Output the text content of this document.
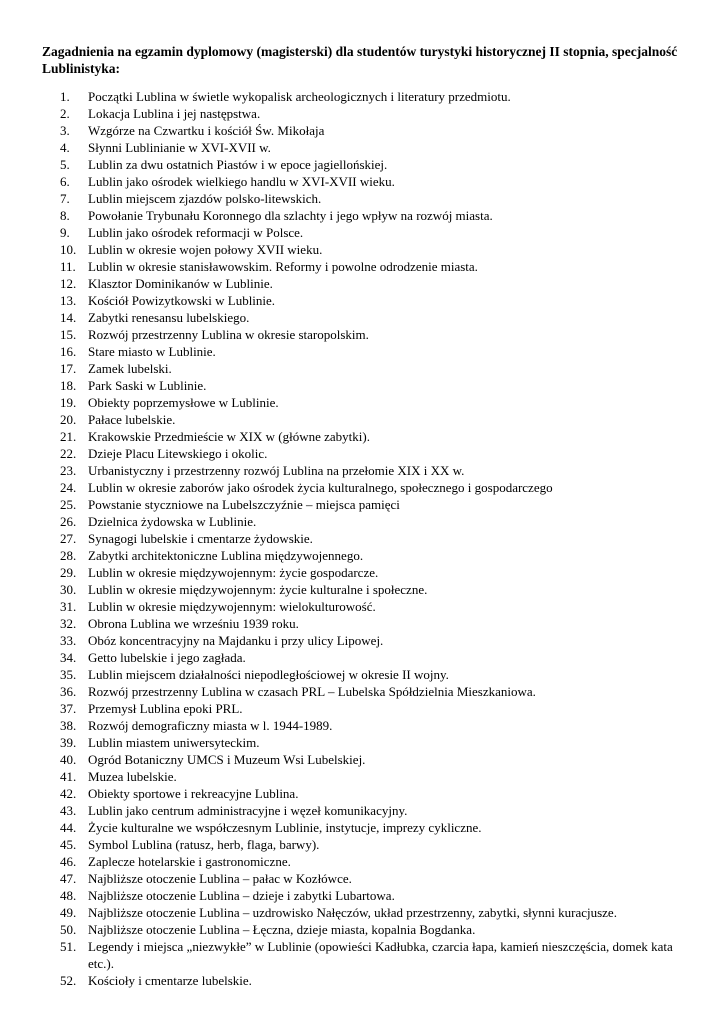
Zagadnienia na egzamin dyplomowy (magisterski) dla studentów turystyki historycznej II stopnia, specjalność Lublinistyka:

1.	Początki Lublina w świetle wykopalisk archeologicznych i literatury przedmiotu.
2.	Lokacja Lublina i jej następstwa.
3.	Wzgórze na Czwartku i kościół Św. Mikołaja
4.	Słynni Lublinianie w XVI-XVII w.
5.	Lublin za dwu ostatnich Piastów i w epoce jagiellońskiej.
6.	Lublin jako ośrodek wielkiego handlu w XVI-XVII wieku.
7.	Lublin miejscem zjazdów polsko-litewskich.
8.	Powołanie Trybunału Koronnego dla szlachty i jego wpływ na rozwój miasta.
9.	Lublin jako ośrodek reformacji w Polsce.
10. Lublin w okresie wojen połowy XVII wieku.
11. Lublin w okresie stanisławowskim. Reformy i powolne odrodzenie miasta.
12. Klasztor Dominikanów w Lublinie.
13. Kościół Powizytkowski w Lublinie.
14. Zabytki renesansu lubelskiego.
15. Rozwój przestrzenny Lublina w okresie staropolskim.
16. Stare miasto w Lublinie.
17. Zamek lubelski.
18. Park Saski w Lublinie.
19. Obiekty poprzemysłowe w Lublinie.
20. Pałace lubelskie.
21. Krakowskie Przedmieście w XIX w (główne zabytki).
22. Dzieje Placu Litewskiego i okolic.
23. Urbanistyczny i przestrzenny rozwój Lublina na przełomie XIX i XX w.
24. Lublin w okresie zaborów jako ośrodek życia kulturalnego, społecznego i gospodarczego
25. Powstanie styczniowe na Lubelszczyźnie – miejsca pamięci
26. Dzielnica żydowska w Lublinie.
27. Synagogi lubelskie i cmentarze żydowskie.
28. Zabytki architektoniczne Lublina międzywojennego.
29. Lublin w okresie międzywojennym: życie gospodarcze.
30. Lublin w okresie międzywojennym: życie kulturalne i społeczne.
31. Lublin w okresie międzywojennym: wielokulturowość.
32. Obrona Lublina we wrześniu 1939 roku.
33. Obóz koncentracyjny na Majdanku i przy ulicy Lipowej.
34. Getto lubelskie i jego zagłada.
35. Lublin miejscem działalności niepodległościowej w okresie II wojny.
36. Rozwój przestrzenny Lublina w czasach PRL – Lubelska Spółdzielnia Mieszkaniowa.
37. Przemysł Lublina epoki PRL.
38. Rozwój demograficzny miasta w l. 1944-1989.
39. Lublin miastem uniwersyteckim.
40. Ogród Botaniczny UMCS i Muzeum Wsi Lubelskiej.
41. Muzea lubelskie.
42. Obiekty sportowe i rekreacyjne Lublina.
43. Lublin jako centrum administracyjne i węzeł komunikacyjny.
44. Życie kulturalne we współczesnym Lublinie, instytucje, imprezy cykliczne.
45. Symbol Lublina (ratusz, herb, flaga, barwy).
46. Zaplecze hotelarskie i gastronomiczne.
47. Najbliższe otoczenie Lublina – pałac w Kozłówce.
48. Najbliższe otoczenie Lublina – dzieje i zabytki Lubartowa.
49. Najbliższe otoczenie Lublina – uzdrowisko Nałęczów, układ przestrzenny, zabytki, słynni kuracjusze.
50. Najbliższe otoczenie Lublina – Łęczna, dzieje miasta, kopalnia Bogdanka.
51. Legendy i miejsca „niezwykłe” w Lublinie (opowieści Kadłubka, czarcia łapa, kamień nieszczęścia, domek kata etc.).
52. Kościoły i cmentarze lubelskie.
